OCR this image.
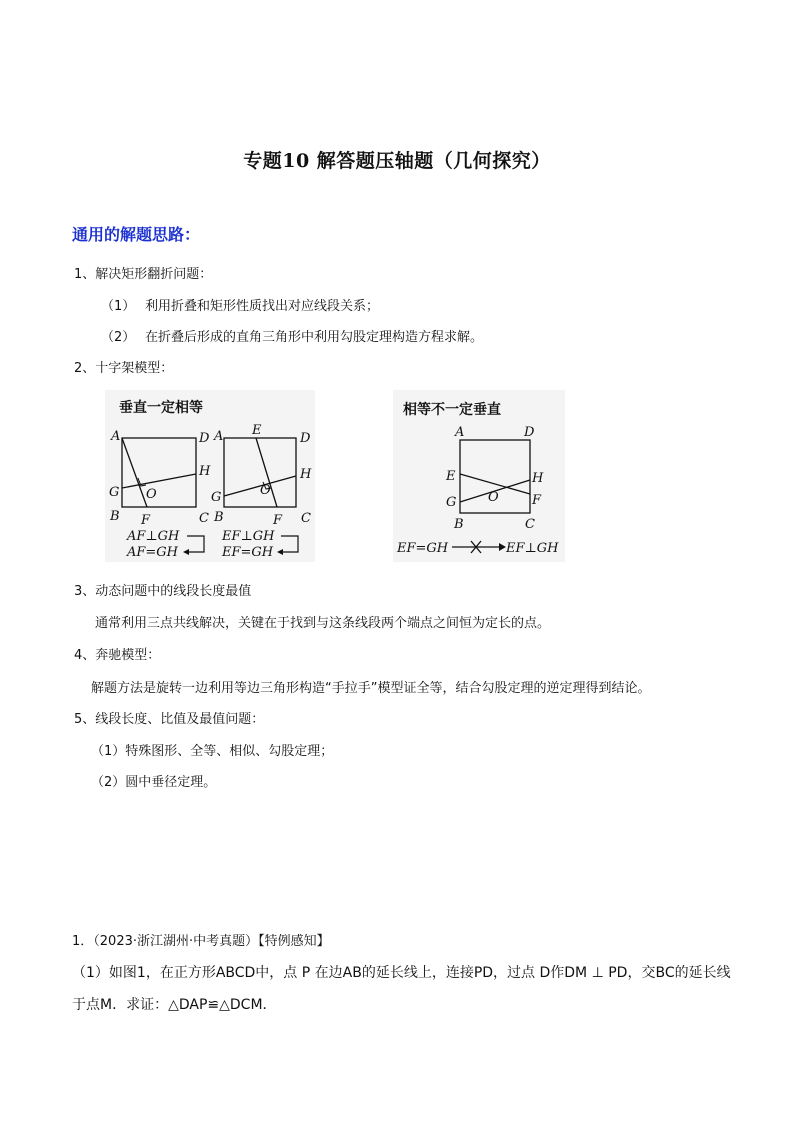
专题10 解答题压轴题（几何探究）
通用的解题思路：
1、解决矩形翻折问题：
（1） 利用折叠和矩形性质找出对应线段关系；
（2） 在折叠后形成的直角三角形中利用勾股定理构造方程求解。
2、十字架模型：
垂直一定相等
A	D
H
G O
B F	C
A E
D
H
G	O
B	F C
AF⊥GH
AF=GH
EF⊥GH
EF=GH
相等不一定垂直
A	D
E	H
G O	F
B	C
EF=GH	EF⊥GH
3、动态问题中的线段长度最值
通常利用三点共线解决，关键在于找到与这条线段两个端点之间恒为定长的点。
4、奔驰模型：
解题方法是旋转一边利用等边三角形构造“手拉手”模型证全等，结合勾股定理的逆定理得到结论。
5、线段长度、比值及最值问题：
（1）特殊图形、全等、相似、勾股定理；
（2）圆中垂径定理。
1．（2023·浙江湖州·中考真题）【特例感知】
（1）如图1，在正方形ABCD中，点 P 在边AB的延长线上，连接PD，过点 D作DM ⊥ PD，交BC的延长线
于点M．求证：△DAP≌△DCM．
